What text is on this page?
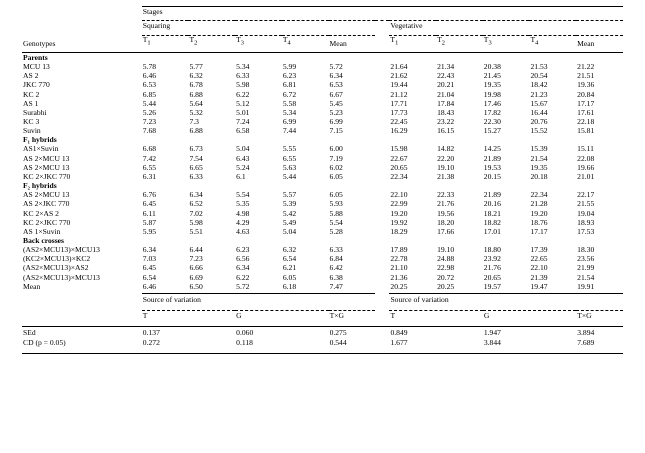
	Stages										

	Squaring						Vegetative				

Genotypes	$T_1$	$T_2$	$T_3$	$T_4$	Mean		$T_1$	$T_2$	$T_3$	$T_4$	Mean

Parents											
MCU 13	5.78	5.77	5.34	5.99	5.72		21.64	21.34	20.38	21.53	21.22
AS 2	6.46	6.32	6.33	6.23	6.34		21.62	22.43	21.45	20.54	21.51
JKC 770	6.53	6.78	5.98	6.81	6.53		19.44	20.21	19.35	18.42	19.36
KC 2	6.85	6.88	6.22	6.72	6.67		21.12	21.04	19.98	21.23	20.84
AS 1	5.44	5.64	5.12	5.58	5.45		17.71	17.84	17.46	15.67	17.17
Surabhi	5.26	5.32	5.01	5.34	5.23		17.73	18.43	17.82	16.44	17.61
KC 3	7.23	7.3	7.24	6.99	6.99		22.45	23.22	22.30	20.76	22.18
Suvin	7.68	6.88	6.58	7.44	7.15		16.29	16.15	15.27	15.52	15.81
F₁ hybrids											
AS1×Suvin	6.68	6.73	5.04	5.55	6.00		15.98	14.82	14.25	15.39	15.11
AS 2×MCU 13	7.42	7.54	6.43	6.55	7.19		22.67	22.20	21.89	21.54	22.08
AS 2×MCU 13	6.55	6.65	5.24	5.63	6.02		20.65	19.10	19.53	19.35	19.66
KC 2×JKC 770	6.31	6.33	6.1	5.44	6.05		22.34	21.38	20.15	20.18	21.01
F₂ hybrids											
AS 2×MCU 13	6.76	6.34	5.54	5.57	6.05		22.10	22.33	21.89	22.34	22.17
AS 2×JKC 770	6.45	6.52	5.35	5.39	5.93		22.99	21.76	20.16	21.28	21.55
KC 2×AS 2	6.11	7.02	4.98	5.42	5.88		19.20	19.56	18.21	19.20	19.04
KC 2×JKC 770	5.87	5.98	4.29	5.49	5.54		19.92	18.20	18.82	18.76	18.93
AS 1×Suvin	5.95	5.51	4.63	5.04	5.28		18.29	17.66	17.01	17.17	17.53
Back crosses											
(AS2×MCU13)×MCU13	6.34	6.44	6.23	6.32	6.33		17.89	19.10	18.80	17.39	18.30
(KC2×MCU13)×KC2	7.03	7.23	6.56	6.54	6.84		22.78	24.88	23.92	22.65	23.56
(AS2×MCU13)×AS2	6.45	6.66	6.34	6.21	6.42		21.10	22.98	21.76	22.10	21.99
(AS2×MCU13)×MCU13	6.54	6.69	6.22	6.05	6.38		21.36	20.72	20.65	21.39	21.54
Mean	6.46	6.50	5.72	6.18	7.47		20.25	20.25	19.57	19.47	19.91
	Source of variation				Source of variation		

	T	G	T×G		T	G	T×G

SEd	0.137	0.060	0.275		0.849	1.947	3.894
CD (p = 0.05)	0.272	0.118	0.544		1.677	3.844	7.689
